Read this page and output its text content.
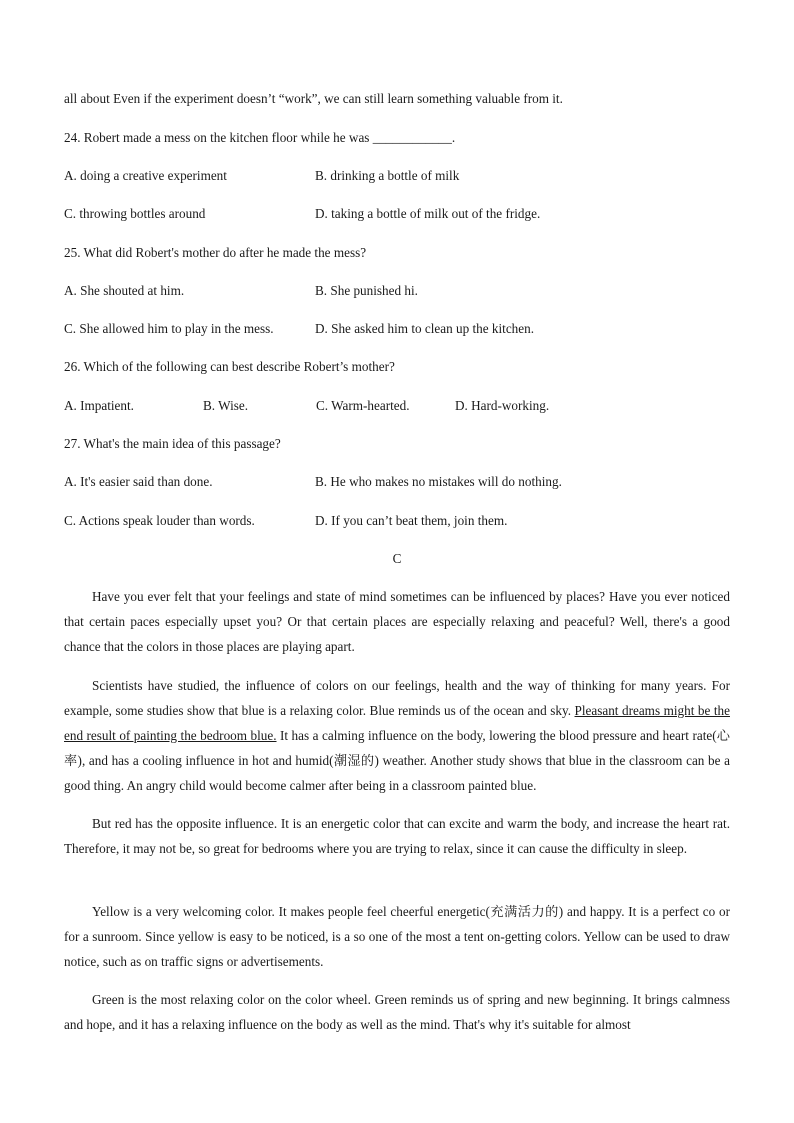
all about Even if the experiment doesn’t “work”, we can still learn something valuable from it.
24. Robert made a mess on the kitchen floor while he was ____________.
A. doing a creative experiment	B. drinking a bottle of milk
C. throwing bottles around	D. taking a bottle of milk out of the fridge.
25. What did Robert's mother do after he made the mess?
A. She shouted at him.	B. She punished hi.
C. She allowed him to play in the mess.	D. She asked him to clean up the kitchen.
26. Which of the following can best describe Robert’s mother?
A. Impatient.	B. Wise.	C. Warm-hearted.	D. Hard-working.
27. What's the main idea of this passage?
A. It's easier said than done.	B. He who makes no mistakes will do nothing.
C. Actions speak louder than words.	D. If you can’t beat them, join them.
C

Have you ever felt that your feelings and state of mind sometimes can be influenced by places? Have you ever noticed that certain paces especially upset you? Or that certain places are especially relaxing and peaceful? Well, there's a good chance that the colors in those places are playing apart.

Scientists have studied, the influence of colors on our feelings, health and the way of thinking for many years. For example, some studies show that blue is a relaxing color. Blue reminds us of the ocean and sky. Pleasant dreams might be the end result of painting the bedroom blue. It has a calming influence on the body, lowering the blood pressure and heart rate(心率), and has a cooling influence in hot and humid(潮湿的) weather. Another study shows that blue in the classroom can be a good thing. An angry child would become calmer after being in a classroom painted blue.

But red has the opposite influence. It is an energetic color that can excite and warm the body, and increase the heart rat. Therefore, it may not be, so great for bedrooms where you are trying to relax, since it can cause the difficulty in sleep.

Yellow is a very welcoming color. It makes people feel cheerful energetic(充满活力的) and happy. It is a perfect co or for a sunroom. Since yellow is easy to be noticed, is a so one of the most a tent on-getting colors. Yellow can be used to draw notice, such as on traffic signs or advertisements.

Green is the most relaxing color on the color wheel. Green reminds us of spring and new beginning. It brings calmness and hope, and it has a relaxing influence on the body as well as the mind. That's why it's suitable for almost
